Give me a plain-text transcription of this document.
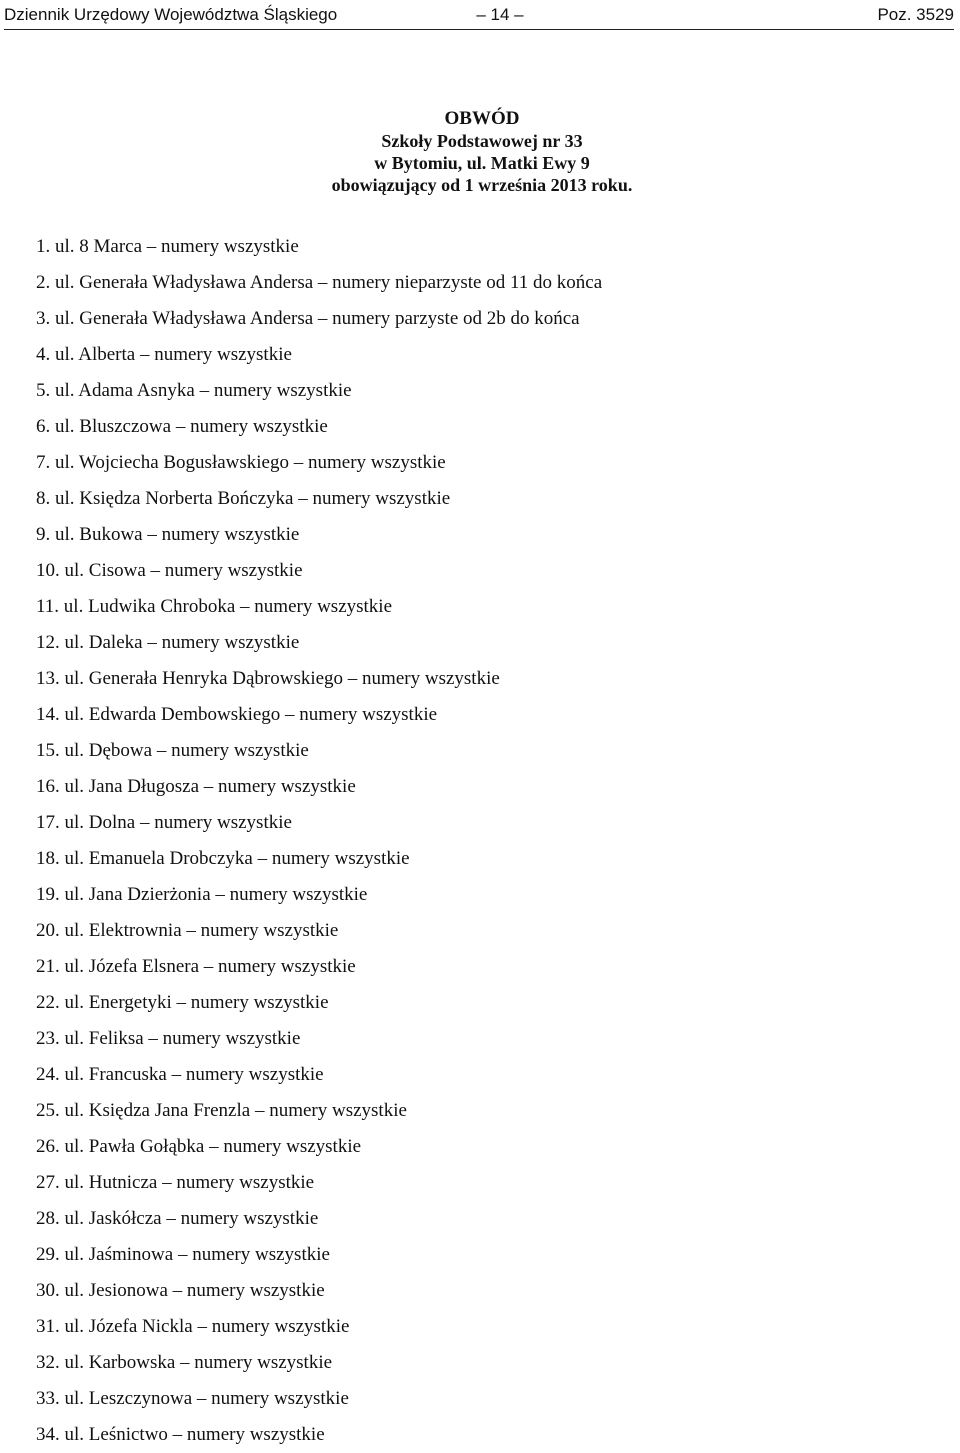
Dziennik Urzędowy Województwa Śląskiego	– 14 –	Poz. 3529
OBWÓD
Szkoły Podstawowej nr 33
w Bytomiu, ul. Matki Ewy 9
obowiązujący od 1 września 2013 roku.
1. ul. 8 Marca – numery wszystkie
2. ul. Generała Władysława Andersa – numery nieparzyste od 11 do końca
3. ul. Generała Władysława Andersa – numery parzyste od 2b do końca
4. ul. Alberta – numery wszystkie
5. ul. Adama Asnyka – numery wszystkie
6. ul. Bluszczowa – numery wszystkie
7. ul. Wojciecha Bogusławskiego – numery wszystkie
8. ul. Księdza Norberta Bończyka – numery wszystkie
9. ul. Bukowa – numery wszystkie
10. ul. Cisowa – numery wszystkie
11. ul. Ludwika Chroboka – numery wszystkie
12. ul. Daleka – numery wszystkie
13. ul. Generała Henryka Dąbrowskiego – numery wszystkie
14. ul. Edwarda Dembowskiego – numery wszystkie
15. ul. Dębowa – numery wszystkie
16. ul. Jana Długosza – numery wszystkie
17. ul. Dolna – numery wszystkie
18. ul. Emanuela Drobczyka – numery wszystkie
19. ul. Jana Dzierżonia – numery wszystkie
20. ul. Elektrownia – numery wszystkie
21. ul. Józefa Elsnera – numery wszystkie
22. ul. Energetyki – numery wszystkie
23. ul. Feliksa – numery wszystkie
24. ul. Francuska – numery wszystkie
25. ul. Księdza Jana Frenzla – numery wszystkie
26. ul. Pawła Gołąbka – numery wszystkie
27. ul. Hutnicza – numery wszystkie
28. ul. Jaskółcza – numery wszystkie
29. ul. Jaśminowa – numery wszystkie
30. ul. Jesionowa – numery wszystkie
31. ul. Józefa Nickla – numery wszystkie
32. ul. Karbowska – numery wszystkie
33. ul. Leszczynowa – numery wszystkie
34. ul. Leśnictwo – numery wszystkie
